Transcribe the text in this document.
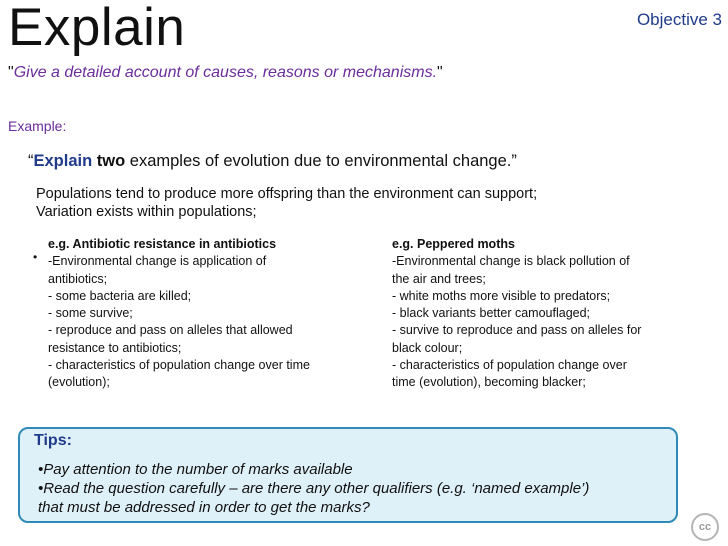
Explain	Objective 3
"Give a detailed account of causes, reasons or mechanisms."
Example:
“Explain two examples of evolution due to environmental change.”
Populations tend to produce more offspring than the environment can support;
Variation exists within populations;
•
e.g. Antibiotic resistance in antibiotics
-Environmental change is application of
antibiotics;
- some bacteria are killed;
- some survive;
- reproduce and pass on alleles that allowed
resistance to antibiotics;
- characteristics of population change over time
(evolution);
e.g. Peppered moths
-Environmental change is black pollution of
the air and trees;
- white moths more visible to predators;
- black variants better camouflaged;
- survive to reproduce and pass on alleles for
black colour;
- characteristics of population change over
time (evolution), becoming blacker;
Tips:
•Pay attention to the number of marks available
•Read the question carefully – are there any other qualifiers (e.g. ‘named example’)
that must be addressed in order to get the marks?
cc
